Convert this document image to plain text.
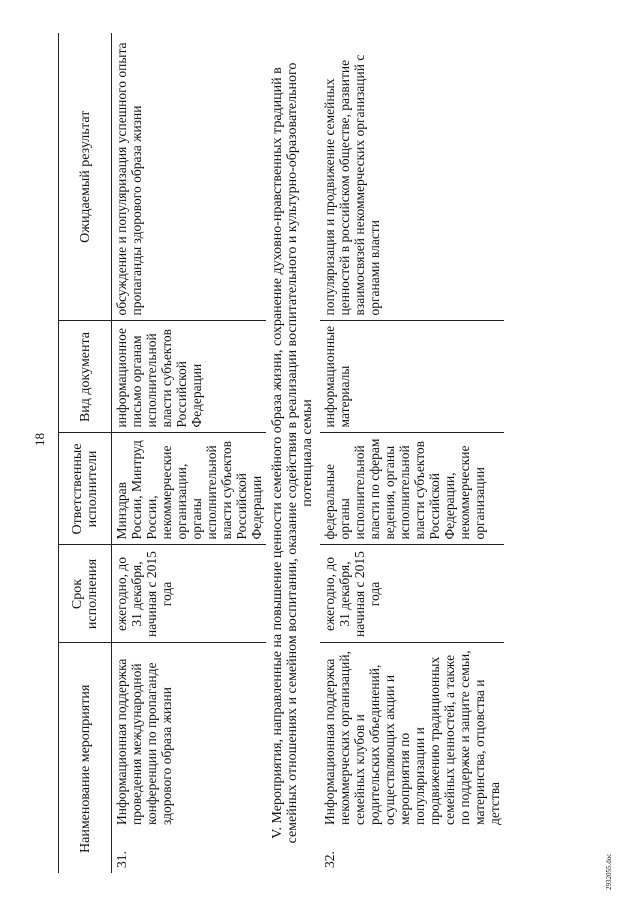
18
2932055.doc
Наименование мероприятия		Срок исполнения	Ответственные исполнители	Вид документа	Ожидаемый результат
31.	Информационная поддержка проведения международной конференции по пропаганде здорового образа жизни	ежегодно, до 31 декабря, начиная с 2015 года	Минздрав России, Минтруд России, некоммерческие организации, органы исполнительной власти субъектов Российской Федерации	информационное письмо органам исполнительной власти субъектов Российской Федерации	обсуждение и популяризация успешного опыта пропаганды здорового образа жизни
V. Мероприятия, направленные на повышение ценности семейного образа жизни, сохранение духовно-нравственных традиций в семейных отношениях и семейном воспитании, оказание содействия в реализации воспитательного и культурно-образовательного потенциала семьи					
32.	Информационная поддержка некоммерческих организаций, семейных клубов и родительских объединений, осуществляющих акции и мероприятия по популяризации и продвижению традиционных семейных ценностей, а также по поддержке и защите семьи, материнства, отцовства и детства	ежегодно, до 31 декабря, начиная с 2015 года	федеральные органы исполнительной власти по сферам ведения, органы исполнительной власти субъектов Российской Федерации, некоммерческие организации	информационные материалы	популяризация и продвижение семейных ценностей в российском обществе, развитие взаимосвязей некоммерческих организаций с органами власти
